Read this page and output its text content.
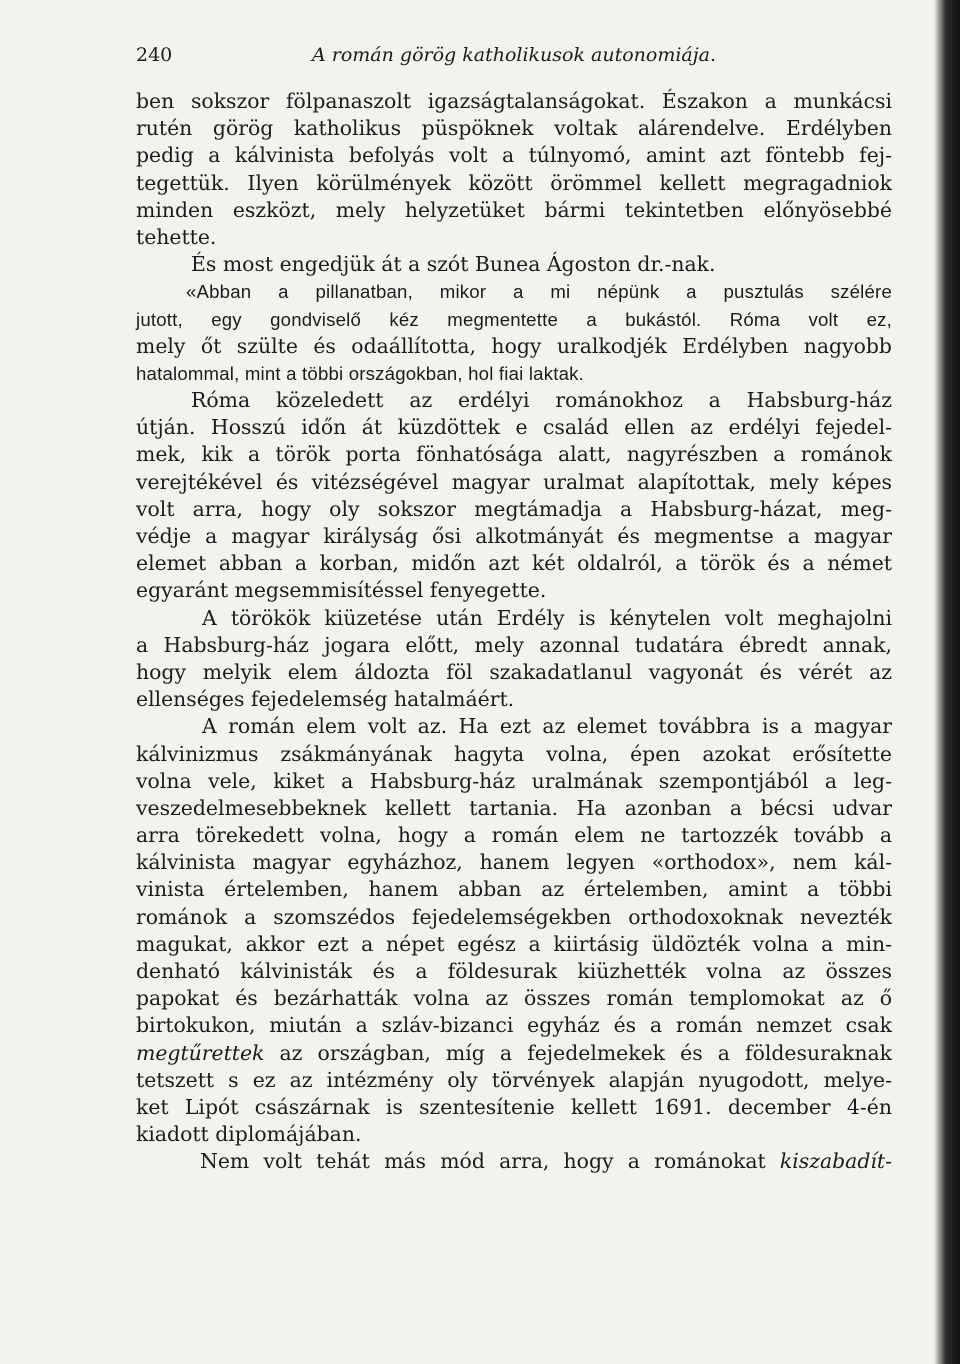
240	A román görög katholikusok autonomiája.
ben sokszor fölpanaszolt igazságtalanságokat. Északon a munkácsi
rutén görög katholikus püspöknek voltak alárendelve. Erdélyben
pedig a kálvinista befolyás volt a túlnyomó, amint azt föntebb fej-
tegettük. Ilyen körülmények között örömmel kellett megragadniok
minden eszközt, mely helyzetüket bármi tekintetben előnyösebbé
tehette.
És most engedjük át a szót Bunea Ágoston dr.-nak.
«Abban a pillanatban, mikor a mi népünk a pusztulás szélére
jutott, egy gondviselő kéz megmentette a bukástól. Róma volt ez,
mely őt szülte és odaállította, hogy uralkodjék Erdélyben nagyobb
hatalommal, mint a többi országokban, hol fiai laktak.
Róma közeledett az erdélyi románokhoz a Habsburg-ház
útján. Hosszú időn át küzdöttek e család ellen az erdélyi fejedel-
mek, kik a török porta fönhatósága alatt, nagyrészben a románok
verejtékével és vitézségével magyar uralmat alapítottak, mely képes
volt arra, hogy oly sokszor megtámadja a Habsburg-házat, meg-
védje a magyar királyság ősi alkotmányát és megmentse a magyar
elemet abban a korban, midőn azt két oldalról, a török és a német
egyaránt megsemmisítéssel fenyegette.
A törökök kiüzetése után Erdély is kénytelen volt meghajolni
a Habsburg-ház jogara előtt, mely azonnal tudatára ébredt annak,
hogy melyik elem áldozta föl szakadatlanul vagyonát és vérét az
ellenséges fejedelemség hatalmáért.
A román elem volt az. Ha ezt az elemet továbbra is a magyar
kálvinizmus zsákmányának hagyta volna, épen azokat erősítette
volna vele, kiket a Habsburg-ház uralmának szempontjából a leg-
veszedelmesebbeknek kellett tartania. Ha azonban a bécsi udvar
arra törekedett volna, hogy a román elem ne tartozzék tovább a
kálvinista magyar egyházhoz, hanem legyen «orthodox», nem kál-
vinista értelemben, hanem abban az értelemben, amint a többi
románok a szomszédos fejedelemségekben orthodoxoknak nevezték
magukat, akkor ezt a népet egész a kiirtásig üldözték volna a min-
denható kálvinisták és a földesurak kiüzhették volna az összes
papokat és bezárhatták volna az összes román templomokat az ő
birtokukon, miután a szláv-bizanci egyház és a román nemzet csak
megtűrettek az országban, míg a fejedelmekek és a földesuraknak
tetszett s ez az intézmény oly törvények alapján nyugodott, melye-
ket Lipót császárnak is szentesítenie kellett 1691. december 4-én
kiadott diplomájában.
Nem volt tehát más mód arra, hogy a románokat kiszabadít-
